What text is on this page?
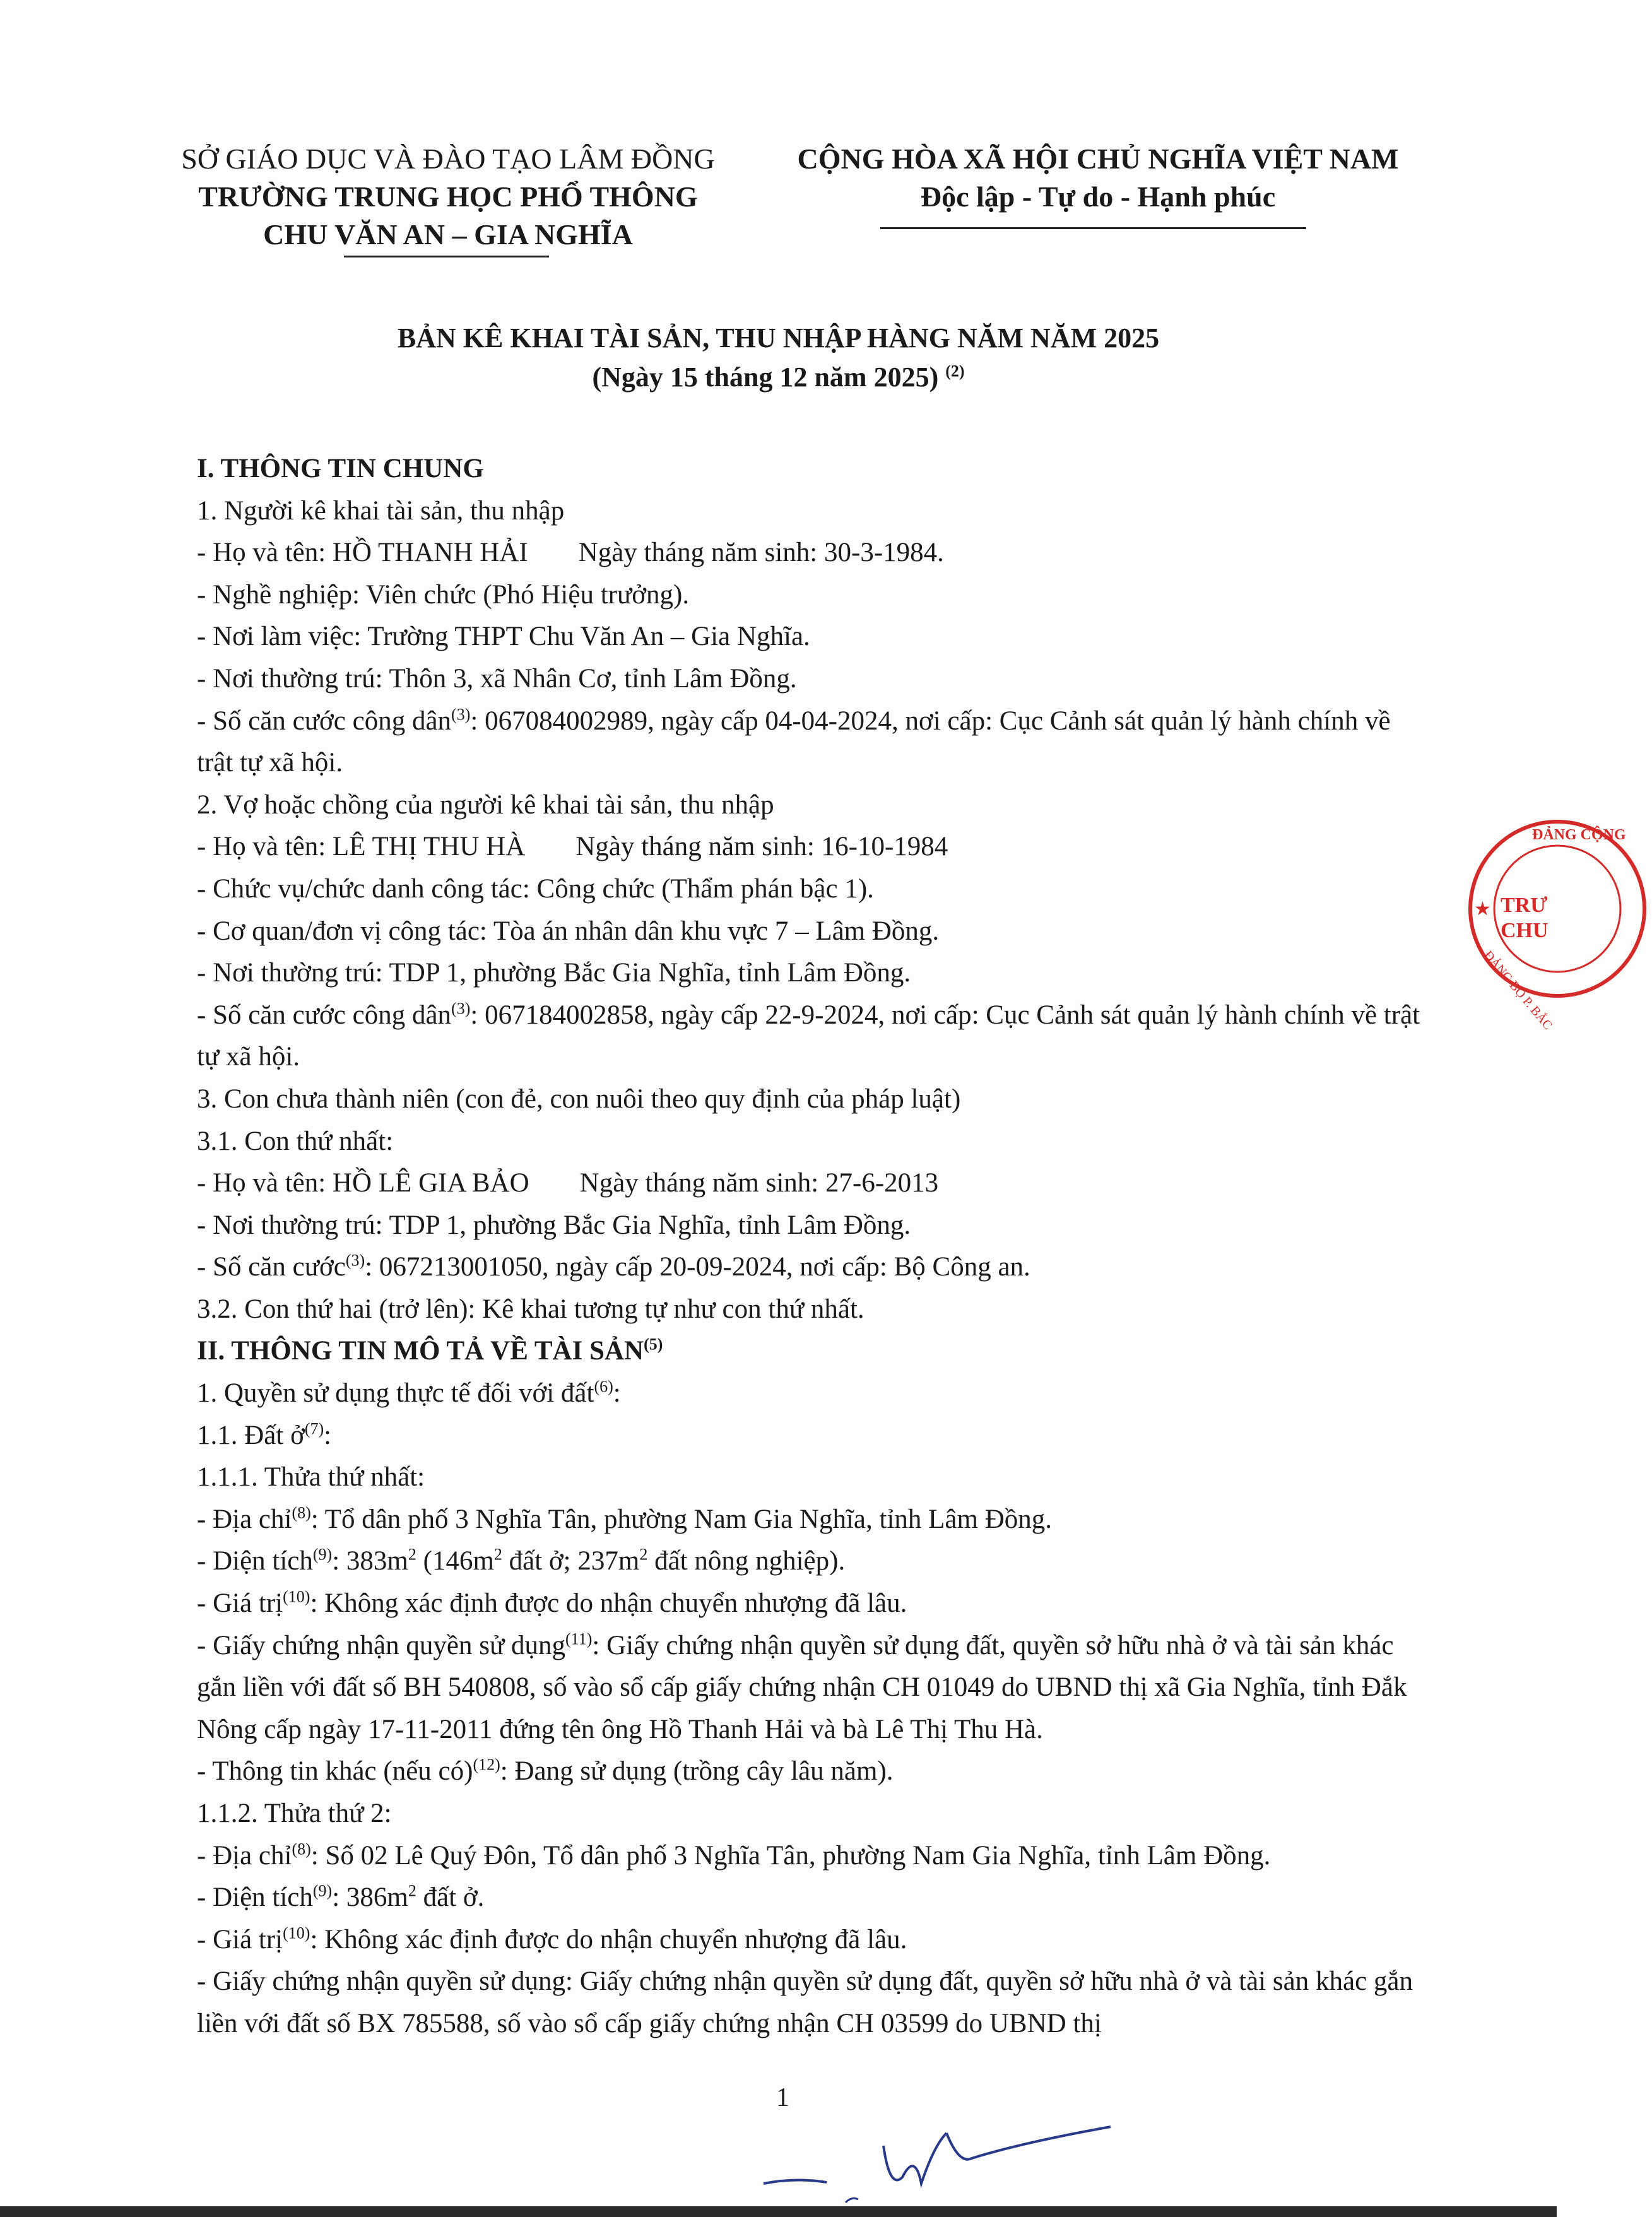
SỞ GIÁO DỤC VÀ ĐÀO TẠO LÂM ĐỒNG
TRƯỜNG TRUNG HỌC PHỔ THÔNG
CHU VĂN AN – GIA NGHĨA
CỘNG HÒA XÃ HỘI CHỦ NGHĨA VIỆT NAM
Độc lập - Tự do - Hạnh phúc
BẢN KÊ KHAI TÀI SẢN, THU NHẬP HÀNG NĂM NĂM 2025
(Ngày 15 tháng 12 năm 2025) $^{(2)}$

I. THÔNG TIN CHUNG

1. Người kê khai tài sản, thu nhập

- Họ và tên: HỒ THANH HẢI Ngày tháng năm sinh: 30-3-1984.

- Nghề nghiệp: Viên chức (Phó Hiệu trưởng).

- Nơi làm việc: Trường THPT Chu Văn An – Gia Nghĩa.

- Nơi thường trú: Thôn 3, xã Nhân Cơ, tỉnh Lâm Đồng.

- Số căn cước công dân$^{(3)}$: 067084002989, ngày cấp 04-04-2024, nơi cấp: Cục Cảnh sát quản lý hành chính về trật tự xã hội.

2. Vợ hoặc chồng của người kê khai tài sản, thu nhập

- Họ và tên: LÊ THỊ THU HÀ Ngày tháng năm sinh: 16-10-1984

- Chức vụ/chức danh công tác: Công chức (Thẩm phán bậc 1).

- Cơ quan/đơn vị công tác: Tòa án nhân dân khu vực 7 – Lâm Đồng.

- Nơi thường trú: TDP 1, phường Bắc Gia Nghĩa, tỉnh Lâm Đồng.

- Số căn cước công dân$^{(3)}$: 067184002858, ngày cấp 22-9-2024, nơi cấp: Cục Cảnh sát quản lý hành chính về trật tự xã hội.

3. Con chưa thành niên (con đẻ, con nuôi theo quy định của pháp luật)

3.1. Con thứ nhất:

- Họ và tên: HỒ LÊ GIA BẢO Ngày tháng năm sinh: 27-6-2013

- Nơi thường trú: TDP 1, phường Bắc Gia Nghĩa, tỉnh Lâm Đồng.

- Số căn cước$^{(3)}$: 067213001050, ngày cấp 20-09-2024, nơi cấp: Bộ Công an.

3.2. Con thứ hai (trở lên): Kê khai tương tự như con thứ nhất.

II. THÔNG TIN MÔ TẢ VỀ TÀI SẢN$^{(5)}$

1. Quyền sử dụng thực tế đối với đất$^{(6)}$:

1.1. Đất ở$^{(7)}$:

1.1.1. Thửa thứ nhất:

- Địa chỉ$^{(8)}$: Tổ dân phố 3 Nghĩa Tân, phường Nam Gia Nghĩa, tỉnh Lâm Đồng.

- Diện tích$^{(9)}$: $383m^2$ ($146m^2$ đất ở; $237m^2$ đất nông nghiệp).

- Giá trị$^{(10)}$: Không xác định được do nhận chuyển nhượng đã lâu.

- Giấy chứng nhận quyền sử dụng$^{(11)}$: Giấy chứng nhận quyền sử dụng đất, quyền sở hữu nhà ở và tài sản khác gắn liền với đất số BH 540808, số vào sổ cấp giấy chứng nhận CH 01049 do UBND thị xã Gia Nghĩa, tỉnh Đắk Nông cấp ngày 17-11-2011 đứng tên ông Hồ Thanh Hải và bà Lê Thị Thu Hà.

- Thông tin khác (nếu có)$^{(12)}$: Đang sử dụng (trồng cây lâu năm).

1.1.2. Thửa thứ 2:

- Địa chỉ$^{(8)}$: Số 02 Lê Quý Đôn, Tổ dân phố 3 Nghĩa Tân, phường Nam Gia Nghĩa, tỉnh Lâm Đồng.

- Diện tích$^{(9)}$: $386m^2$ đất ở.

- Giá trị$^{(10)}$: Không xác định được do nhận chuyển nhượng đã lâu.

- Giấy chứng nhận quyền sử dụng: Giấy chứng nhận quyền sử dụng đất, quyền sở hữu nhà ở và tài sản khác gắn liền với đất số BX 785588, số vào sổ cấp giấy chứng nhận CH 03599 do UBND thị

ĐẢNG CỘNG
TRƯ
CHU
★
ĐẢNG BỘ P. BẮC
1
